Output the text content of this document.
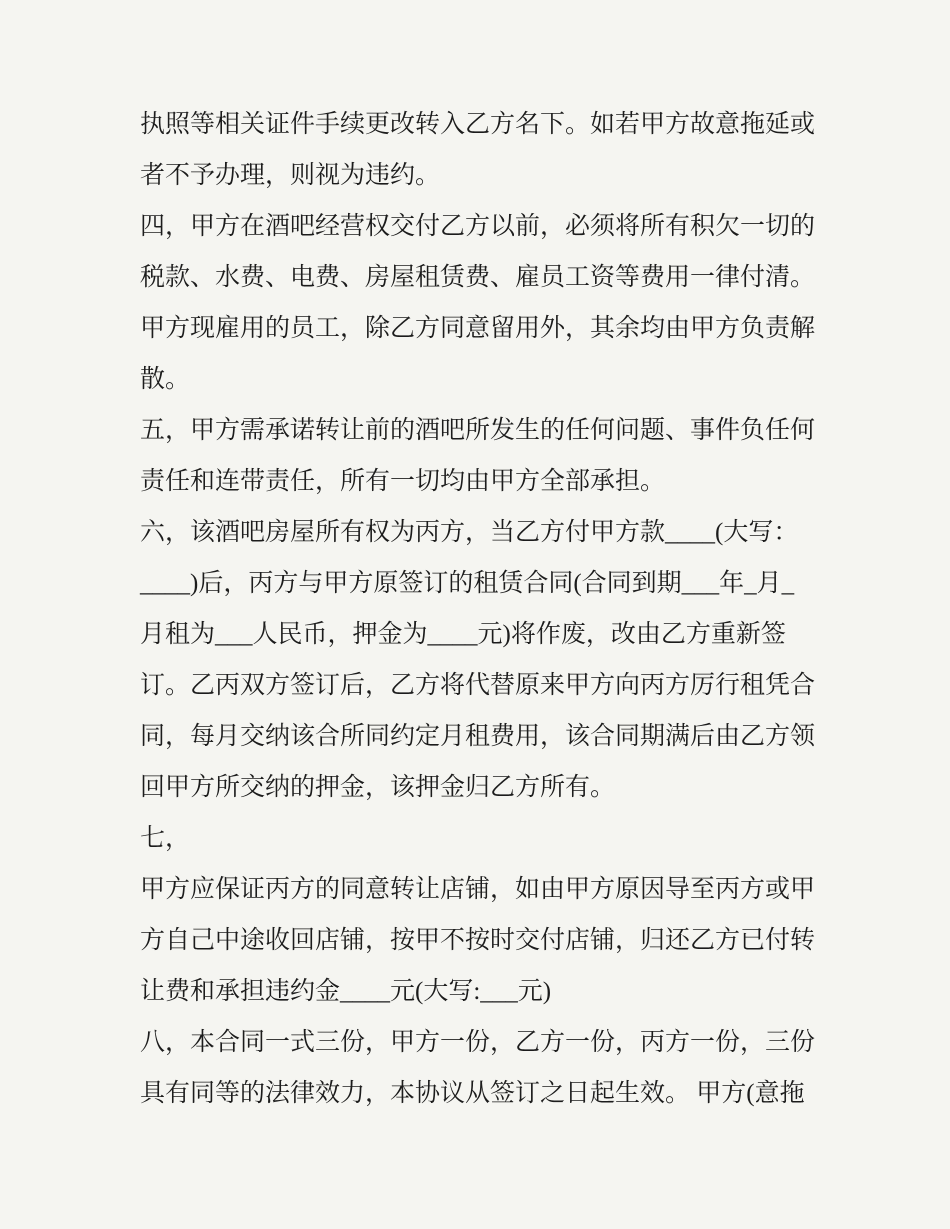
执照等相关证件手续更改转入乙方名下。如若甲方故意拖延或
者不予办理，则视为违约。
四，甲方在酒吧经营权交付乙方以前，必须将所有积欠一切的
税款、水费、电费、房屋租赁费、雇员工资等费用一律付清。
甲方现雇用的员工，除乙方同意留用外，其余均由甲方负责解
散。
五，甲方需承诺转让前的酒吧所发生的任何问题、事件负任何
责任和连带责任，所有一切均由甲方全部承担。
六，该酒吧房屋所有权为丙方，当乙方付甲方款____(大写：
____)后，丙方与甲方原签订的租赁合同(合同到期___年_月_
月租为___人民币，押金为____元)将作废，改由乙方重新签
订。乙丙双方签订后，乙方将代替原来甲方向丙方厉行租凭合
同，每月交纳该合所同约定月租费用，该合同期满后由乙方领
回甲方所交纳的押金，该押金归乙方所有。
七，
甲方应保证丙方的同意转让店铺，如由甲方原因导至丙方或甲
方自己中途收回店铺，按甲不按时交付店铺，归还乙方已付转
让费和承担违约金____元(大写:___元)
八，本合同一式三份，甲方一份，乙方一份，丙方一份，三份
具有同等的法律效力，本协议从签订之日起生效。 甲方(意拖
